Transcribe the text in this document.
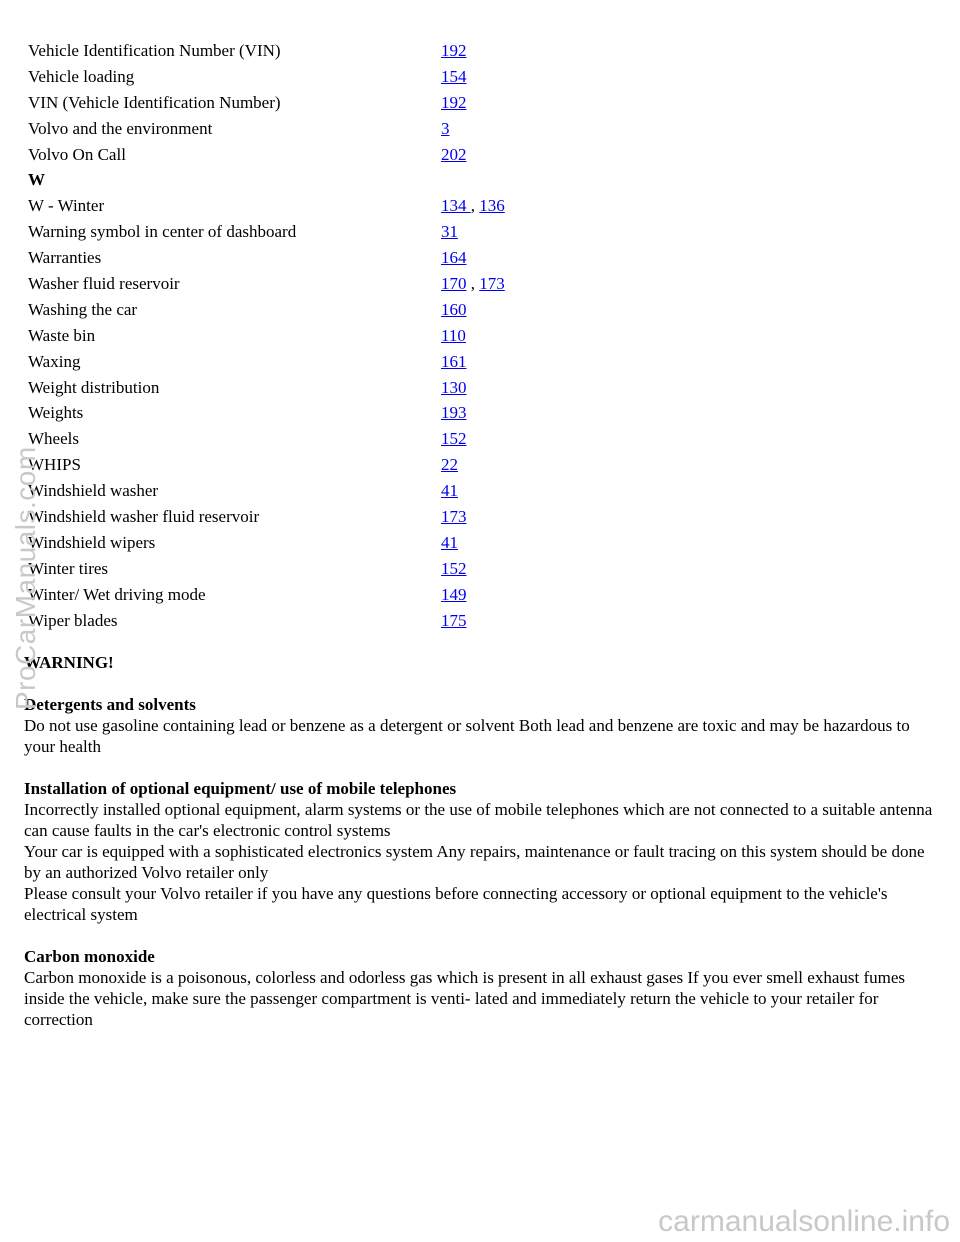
Vehicle Identification Number (VIN)	192
Vehicle loading	154
VIN (Vehicle Identification Number)	192
Volvo and the environment	3
Volvo On Call	202
W
W - Winter	134 , 136
Warning symbol in center of dashboard	31
Warranties	164
Washer fluid reservoir	170 , 173
Washing the car	160
Waste bin	110
Waxing	161
Weight distribution	130
Weights	193
Wheels	152
WHIPS	22
Windshield washer	41
Windshield washer fluid reservoir	173
Windshield wipers	41
Winter tires	152
Winter/ Wet driving mode	149
Wiper blades	175

WARNING!

Detergents and solvents

Do not use gasoline containing lead or benzene as a detergent or solvent Both lead and benzene are toxic and may be hazardous to your health

Installation of optional equipment/ use of mobile telephones

Incorrectly installed optional equipment, alarm systems or the use of mobile telephones which are not connected to a suitable antenna can cause faults in the car's electronic control systems

Your car is equipped with a sophisticated electronics system Any repairs, maintenance or fault tracing on this system should be done by an authorized Volvo retailer only

Please consult your Volvo retailer if you have any questions before connecting accessory or optional equipment to the vehicle's electrical system

Carbon monoxide

Carbon monoxide is a poisonous, colorless and odorless gas which is present in all exhaust gases If you ever smell exhaust fumes inside the vehicle, make sure the passenger compartment is venti- lated and immediately return the vehicle to your retailer for correction

ProCarManuals.com
carmanualsonline.info
